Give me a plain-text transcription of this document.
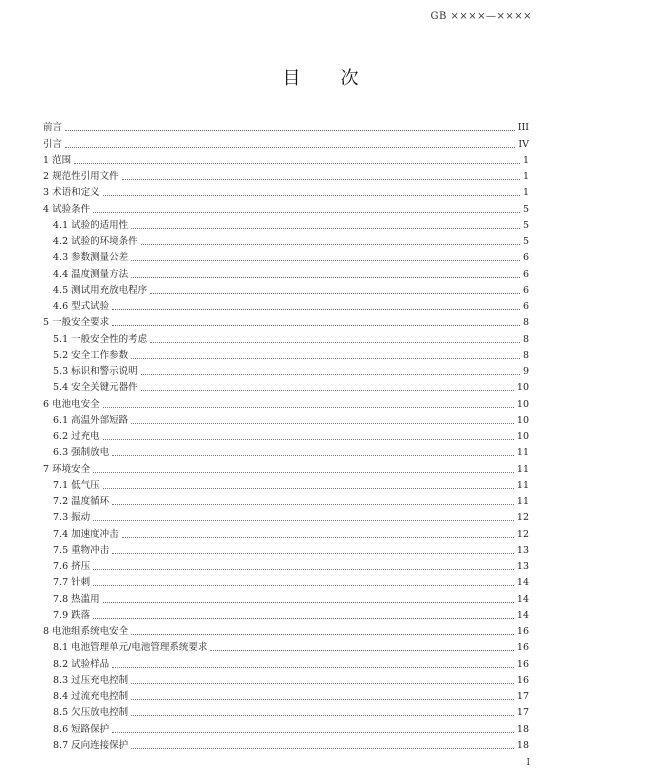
GB ××××—××××
目次
前言	III
引言	IV
1 范围	1
2 规范性引用文件	1
3 术语和定义	1
4 试验条件	5
4.1 试验的适用性	5
4.2 试验的环境条件	5
4.3 参数测量公差	6
4.4 温度测量方法	6
4.5 测试用充放电程序	6
4.6 型式试验	6
5 一般安全要求	8
5.1 一般安全性的考虑	8
5.2 安全工作参数	8
5.3 标识和警示说明	9
5.4 安全关键元器件	10
6 电池电安全	10
6.1 高温外部短路	10
6.2 过充电	10
6.3 强制放电	11
7 环境安全	11
7.1 低气压	11
7.2 温度循环	11
7.3 振动	12
7.4 加速度冲击	12
7.5 重物冲击	13
7.6 挤压	13
7.7 针刺	14
7.8 热滥用	14
7.9 跌落	14
8 电池组系统电安全	16
8.1 电池管理单元/电池管理系统要求	16
8.2 试验样品	16
8.3 过压充电控制	16
8.4 过流充电控制	17
8.5 欠压放电控制	17
8.6 短路保护	18
8.7 反向连接保护	18
I
